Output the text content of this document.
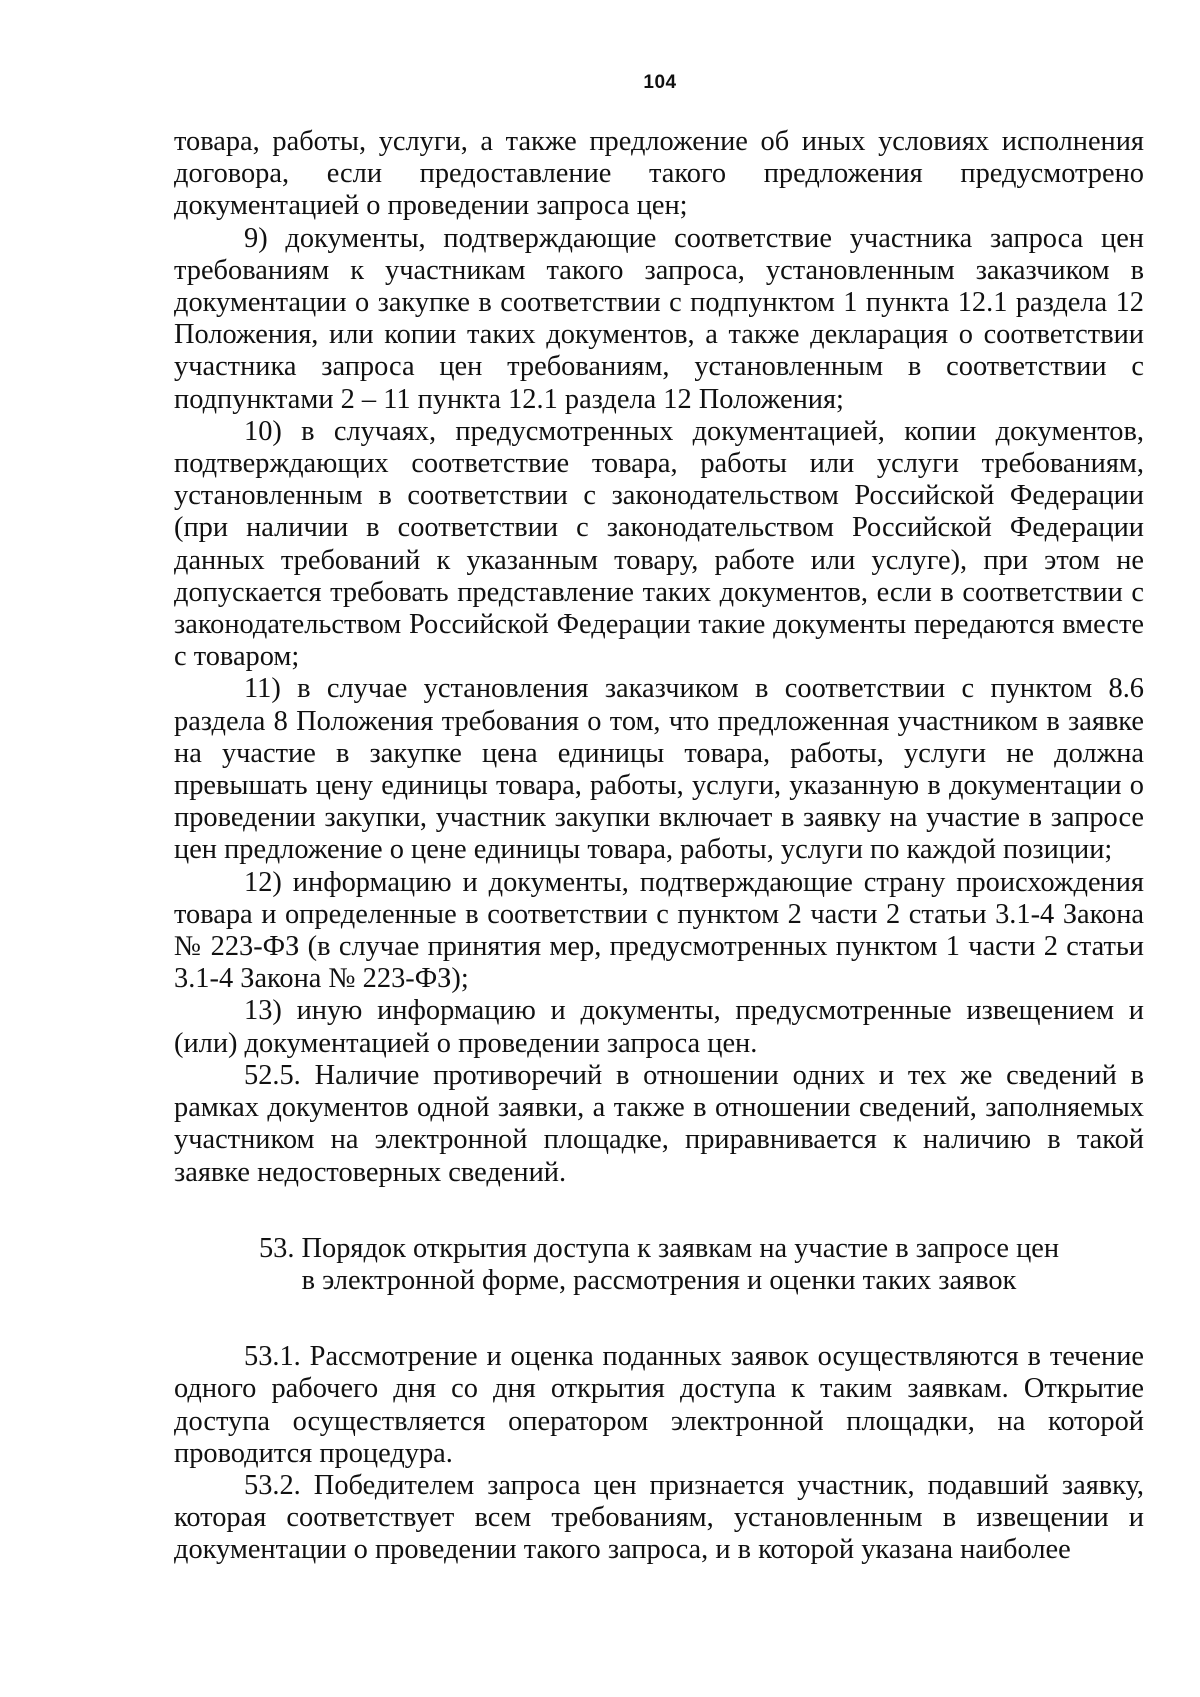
104

товара, работы, услуги, а также предложение об иных условиях исполнения договора, если предоставление такого предложения предусмотрено документацией о проведении запроса цен;

9) документы, подтверждающие соответствие участника запроса цен требованиям к участникам такого запроса, установленным заказчиком в документации о закупке в соответствии с подпунктом 1 пункта 12.1 раздела 12 Положения, или копии таких документов, а также декларация о соответствии участника запроса цен требованиям, установленным в соответствии с подпунктами 2 – 11 пункта 12.1 раздела 12 Положения;

10) в случаях, предусмотренных документацией, копии документов, подтверждающих соответствие товара, работы или услуги требованиям, установленным в соответствии с законодательством Российской Федерации (при наличии в соответствии с законодательством Российской Федерации данных требований к указанным товару, работе или услуге), при этом не допускается требовать представление таких документов, если в соответствии с законодательством Российской Федерации такие документы передаются вместе с товаром;

11) в случае установления заказчиком в соответствии с пунктом 8.6 раздела 8 Положения требования о том, что предложенная участником в заявке на участие в закупке цена единицы товара, работы, услуги не должна превышать цену единицы товара, работы, услуги, указанную в документации о проведении закупки, участник закупки включает в заявку на участие в запросе цен предложение о цене единицы товара, работы, услуги по каждой позиции;

12) информацию и документы, подтверждающие страну происхождения товара и определенные в соответствии с пунктом 2 части 2 статьи 3.1-4 Закона № 223-ФЗ (в случае принятия мер, предусмотренных пунктом 1 части 2 статьи 3.1-4 Закона № 223-ФЗ);

13) иную информацию и документы, предусмотренные извещением и (или) документацией о проведении запроса цен.

52.5. Наличие противоречий в отношении одних и тех же сведений в рамках документов одной заявки, а также в отношении сведений, заполняемых участником на электронной площадке, приравнивается к наличию в такой заявке недостоверных сведений.

53. Порядок открытия доступа к заявкам на участие в запросе цен
в электронной форме, рассмотрения и оценки таких заявок

53.1. Рассмотрение и оценка поданных заявок осуществляются в течение одного рабочего дня со дня открытия доступа к таким заявкам. Открытие доступа осуществляется оператором электронной площадки, на которой проводится процедура.

53.2. Победителем запроса цен признается участник, подавший заявку, которая соответствует всем требованиям, установленным в извещении и документации о проведении такого запроса, и в которой указана наиболее
